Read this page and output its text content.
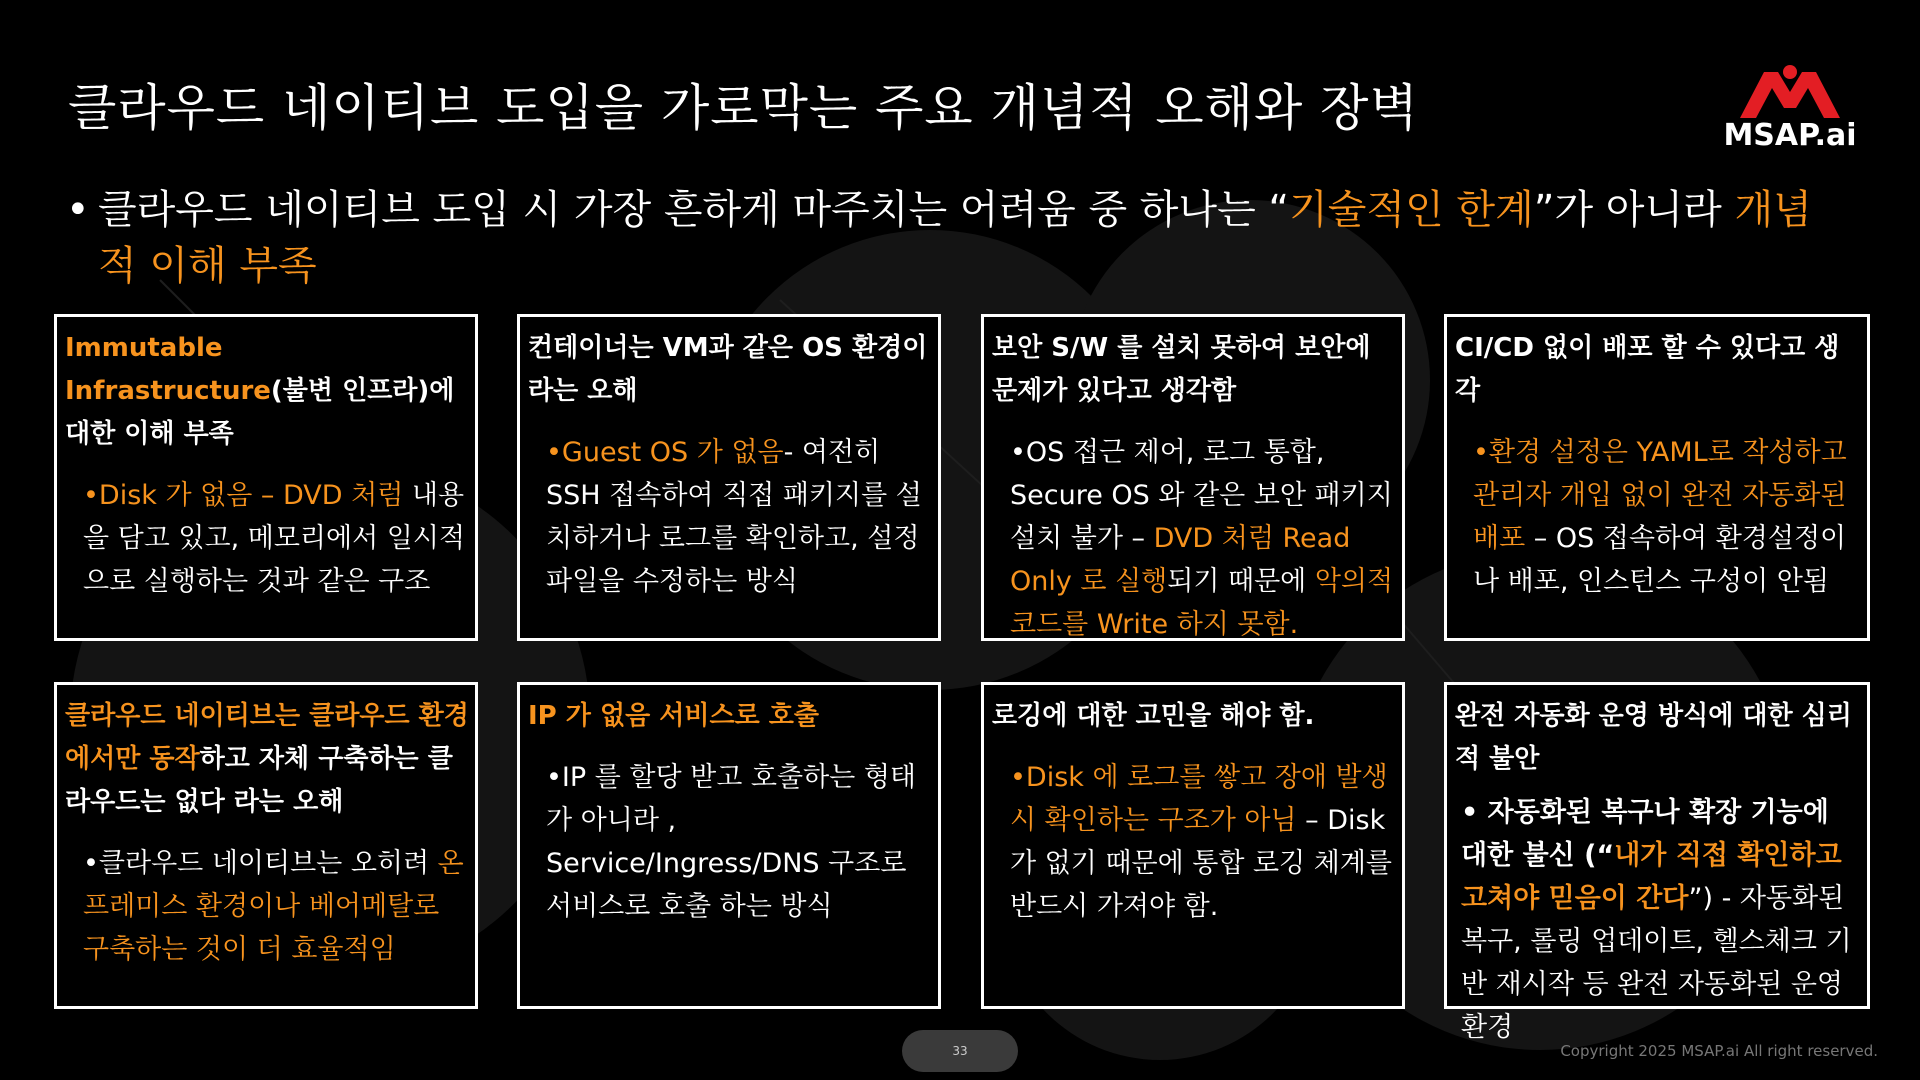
클라우드 네이티브 도입을 가로막는 주요 개념적 오해와 장벽	MSAP.ai
• 클라우드 네이티브 도입 시 가장 흔하게 마주치는 어려움 중 하나는 “기술적인 한계”가 아니라 개념적 이해 부족
Immutable Infrastructure(불변 인프라)에 대한 이해 부족
•Disk 가 없음 – DVD 처럼 내용을 담고 있고, 메모리에서 일시적으로 실행하는 것과 같은 구조
컨테이너는 VM과 같은 OS 환경이라는 오해
•Guest OS 가 없음- 여전히 SSH 접속하여 직접 패키지를 설치하거나 로그를 확인하고, 설정 파일을 수정하는 방식
보안 S/W 를 설치 못하여 보안에 문제가 있다고 생각함
•OS 접근 제어, 로그 통합, Secure OS 와 같은 보안 패키지 설치 불가 – DVD 처럼 Read Only 로 실행되기 때문에 악의적 코드를 Write 하지 못함.
CI/CD 없이 배포 할 수 있다고 생각
•환경 설정은 YAML로 작성하고 관리자 개입 없이 완전 자동화된 배포 – OS 접속하여 환경설정이나 배포, 인스턴스 구성이 안됨
클라우드 네이티브는 클라우드 환경에서만 동작하고 자체 구축하는 클라우드는 없다 라는 오해
•클라우드 네이티브는 오히려 온프레미스 환경이나 베어메탈로 구축하는 것이 더 효율적임
IP 가 없음 서비스로 호출
•IP 를 할당 받고 호출하는 형태가 아니라 , Service/Ingress/DNS 구조로 서비스로 호출 하는 방식
로깅에 대한 고민을 해야 함.
•Disk 에 로그를 쌓고 장애 발생시 확인하는 구조가 아님 – Disk 가 없기 때문에 통합 로깅 체계를 반드시 가져야 함.
완전 자동화 운영 방식에 대한 심리적 불안
• 자동화된 복구나 확장 기능에 대한 불신 (“내가 직접 확인하고 고쳐야 믿음이 간다”) - 자동화된 복구, 롤링 업데이트, 헬스체크 기반 재시작 등 완전 자동화된 운영 환경
33	Copyright 2025 MSAP.ai All right reserved.
